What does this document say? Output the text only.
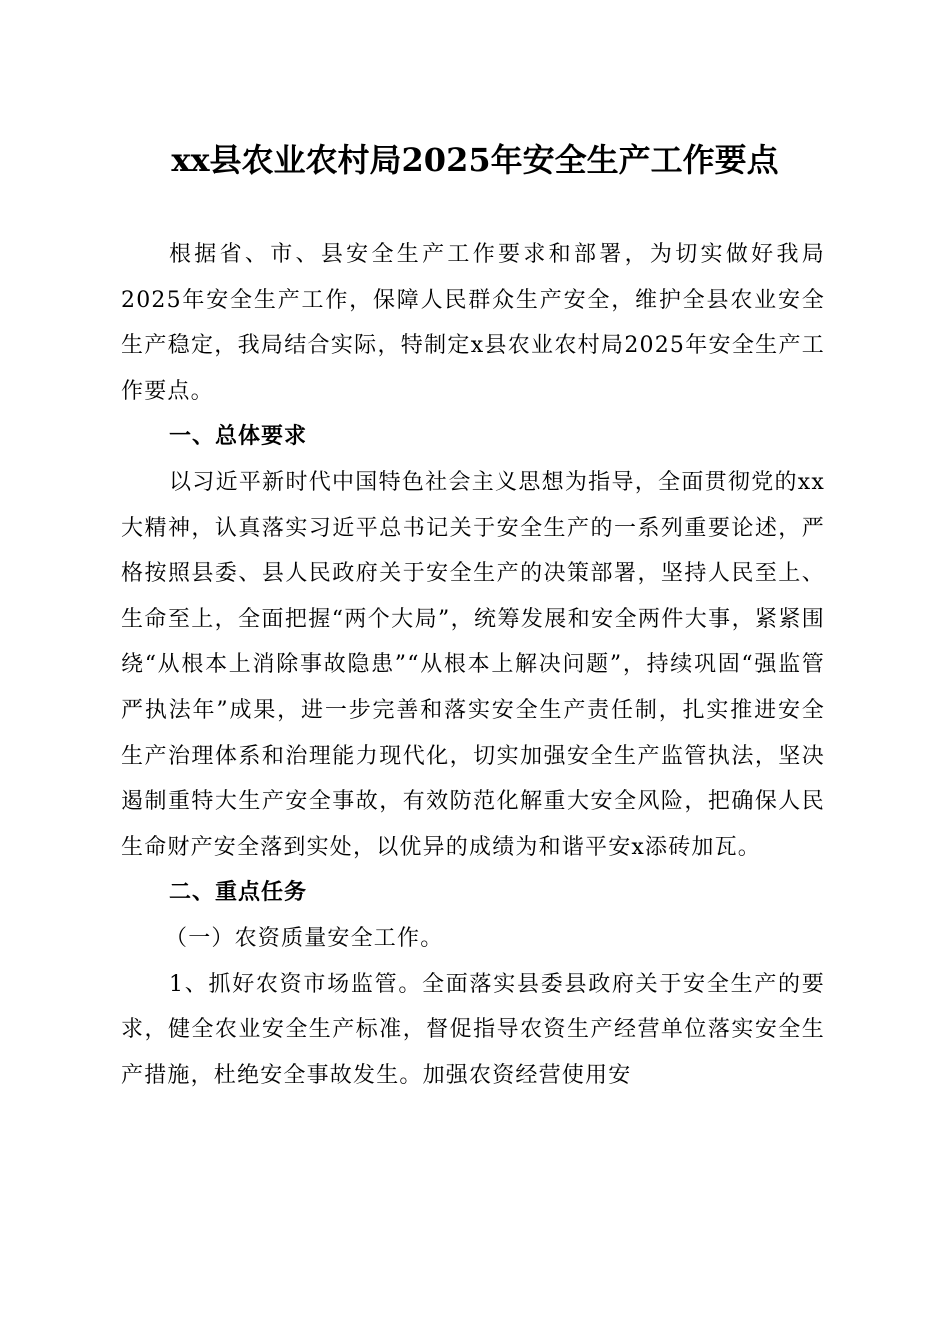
xx县农业农村局2025年安全生产工作要点

根据省、市、县安全生产工作要求和部署，为切实做好我局2025年安全生产工作，保障人民群众生产安全，维护全县农业安全生产稳定，我局结合实际，特制定x县农业农村局2025年安全生产工作要点。

一、总体要求

以习近平新时代中国特色社会主义思想为指导，全面贯彻党的xx大精神，认真落实习近平总书记关于安全生产的一系列重要论述，严格按照县委、县人民政府关于安全生产的决策部署，坚持人民至上、生命至上，全面把握“两个大局”，统筹发展和安全两件大事，紧紧围绕“从根本上消除事故隐患”“从根本上解决问题”，持续巩固“强监管严执法年”成果，进一步完善和落实安全生产责任制，扎实推进安全生产治理体系和治理能力现代化，切实加强安全生产监管执法，坚决遏制重特大生产安全事故，有效防范化解重大安全风险，把确保人民生命财产安全落到实处，以优异的成绩为和谐平安x添砖加瓦。

二、重点任务

（一）农资质量安全工作。

1、抓好农资市场监管。全面落实县委县政府关于安全生产的要求，健全农业安全生产标准，督促指导农资生产经营单位落实安全生产措施，杜绝安全事故发生。加强农资经营使用安
